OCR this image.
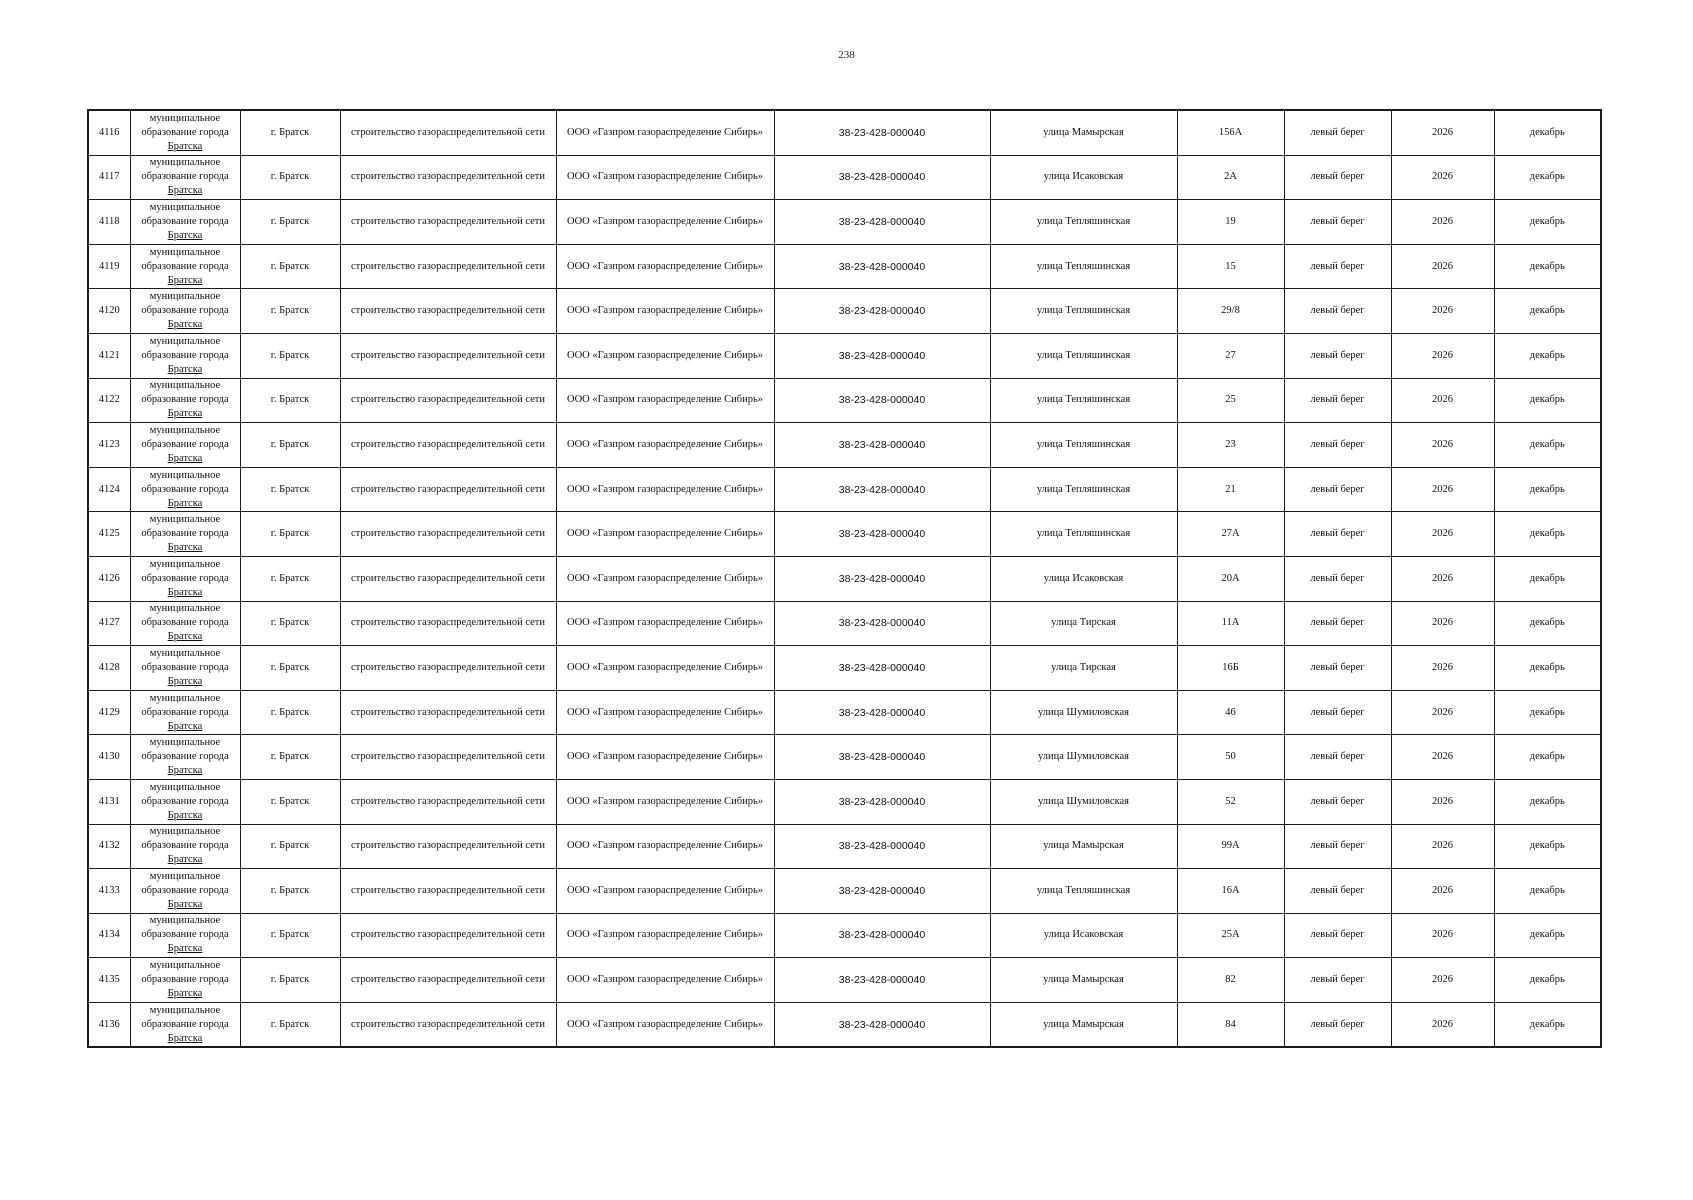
238
4116	муниципальное
образование города
Братска	г. Братск	строительство газораспределительной сети	ООО «Газпром газораспределение Сибирь»	38-23-428-000040	улица Мамырская	156А	левый берег	2026	декабрь
4117	муниципальное
образование города
Братска	г. Братск	строительство газораспределительной сети	ООО «Газпром газораспределение Сибирь»	38-23-428-000040	улица Исаковская	2А	левый берег	2026	декабрь
4118	муниципальное
образование города
Братска	г. Братск	строительство газораспределительной сети	ООО «Газпром газораспределение Сибирь»	38-23-428-000040	улица Тепляшинская	19	левый берег	2026	декабрь
4119	муниципальное
образование города
Братска	г. Братск	строительство газораспределительной сети	ООО «Газпром газораспределение Сибирь»	38-23-428-000040	улица Тепляшинская	15	левый берег	2026	декабрь
4120	муниципальное
образование города
Братска	г. Братск	строительство газораспределительной сети	ООО «Газпром газораспределение Сибирь»	38-23-428-000040	улица Тепляшинская	29/8	левый берег	2026	декабрь
4121	муниципальное
образование города
Братска	г. Братск	строительство газораспределительной сети	ООО «Газпром газораспределение Сибирь»	38-23-428-000040	улица Тепляшинская	27	левый берег	2026	декабрь
4122	муниципальное
образование города
Братска	г. Братск	строительство газораспределительной сети	ООО «Газпром газораспределение Сибирь»	38-23-428-000040	улица Тепляшинская	25	левый берег	2026	декабрь
4123	муниципальное
образование города
Братска	г. Братск	строительство газораспределительной сети	ООО «Газпром газораспределение Сибирь»	38-23-428-000040	улица Тепляшинская	23	левый берег	2026	декабрь
4124	муниципальное
образование города
Братска	г. Братск	строительство газораспределительной сети	ООО «Газпром газораспределение Сибирь»	38-23-428-000040	улица Тепляшинская	21	левый берег	2026	декабрь
4125	муниципальное
образование города
Братска	г. Братск	строительство газораспределительной сети	ООО «Газпром газораспределение Сибирь»	38-23-428-000040	улица Тепляшинская	27А	левый берег	2026	декабрь
4126	муниципальное
образование города
Братска	г. Братск	строительство газораспределительной сети	ООО «Газпром газораспределение Сибирь»	38-23-428-000040	улица Исаковская	20А	левый берег	2026	декабрь
4127	муниципальное
образование города
Братска	г. Братск	строительство газораспределительной сети	ООО «Газпром газораспределение Сибирь»	38-23-428-000040	улица Тирская	11А	левый берег	2026	декабрь
4128	муниципальное
образование города
Братска	г. Братск	строительство газораспределительной сети	ООО «Газпром газораспределение Сибирь»	38-23-428-000040	улица Тирская	16Б	левый берег	2026	декабрь
4129	муниципальное
образование города
Братска	г. Братск	строительство газораспределительной сети	ООО «Газпром газораспределение Сибирь»	38-23-428-000040	улица Шумиловская	46	левый берег	2026	декабрь
4130	муниципальное
образование города
Братска	г. Братск	строительство газораспределительной сети	ООО «Газпром газораспределение Сибирь»	38-23-428-000040	улица Шумиловская	50	левый берег	2026	декабрь
4131	муниципальное
образование города
Братска	г. Братск	строительство газораспределительной сети	ООО «Газпром газораспределение Сибирь»	38-23-428-000040	улица Шумиловская	52	левый берег	2026	декабрь
4132	муниципальное
образование города
Братска	г. Братск	строительство газораспределительной сети	ООО «Газпром газораспределение Сибирь»	38-23-428-000040	улица Мамырская	99А	левый берег	2026	декабрь
4133	муниципальное
образование города
Братска	г. Братск	строительство газораспределительной сети	ООО «Газпром газораспределение Сибирь»	38-23-428-000040	улица Тепляшинская	16А	левый берег	2026	декабрь
4134	муниципальное
образование города
Братска	г. Братск	строительство газораспределительной сети	ООО «Газпром газораспределение Сибирь»	38-23-428-000040	улица Исаковская	25А	левый берег	2026	декабрь
4135	муниципальное
образование города
Братска	г. Братск	строительство газораспределительной сети	ООО «Газпром газораспределение Сибирь»	38-23-428-000040	улица Мамырская	82	левый берег	2026	декабрь
4136	муниципальное
образование города
Братска	г. Братск	строительство газораспределительной сети	ООО «Газпром газораспределение Сибирь»	38-23-428-000040	улица Мамырская	84	левый берег	2026	декабрь
